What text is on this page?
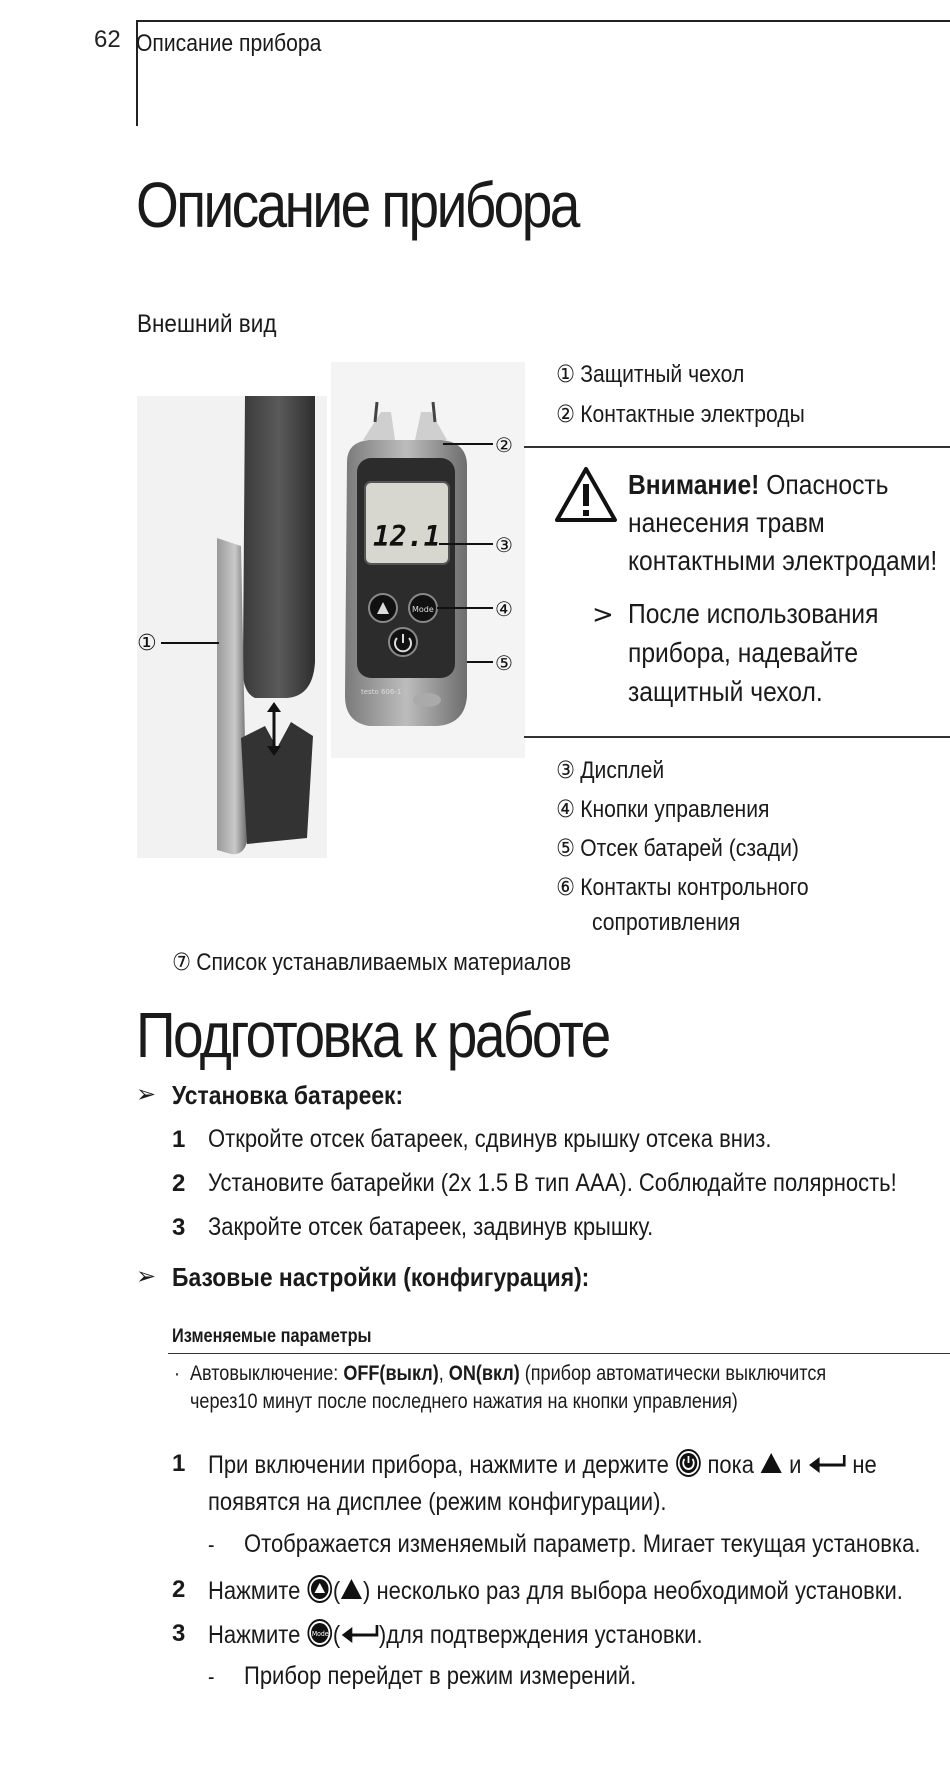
62 Описание прибора
Описание прибора
Внешний вид
①
12.1
Mode
testo 606-1
②
③
④
⑤
① Защитный чехол
② Контактные электроды
Внимание! Опасность
нанесения травм
контактными электродами!
> После использования
прибора, надевайте
защитный чехол.
③ Дисплей
④ Кнопки управления
⑤ Отсек батарей (сзади)
⑥ Контакты контрольного
сопротивления
⑦ Список устанавливаемых материалов
Подготовка к работе
➢ Установка батареек:
1 Откройте отсек батареек, сдвинув крышку отсека вниз.
2 Установите батарейки (2x 1.5 В тип AAA). Соблюдайте полярность!
3 Закройте отсек батареек, задвинув крышку.
➢ Базовые настройки (конфигурация):
Изменяемые параметры
· Автовыключение: OFF(выкл), ON(вкл) (прибор автоматически выключится
через10 минут после последнего нажатия на кнопки управления)
1 При включении прибора, нажмите и держите пока и не
появятся на дисплее (режим конфигурации).
- Отображается изменяемый параметр. Мигает текущая установка.
2 Нажмите ( ) несколько раз для выбора необходимой установки.
3 Нажмите Mode ( )для подтверждения установки.
- Прибор перейдет в режим измерений.
